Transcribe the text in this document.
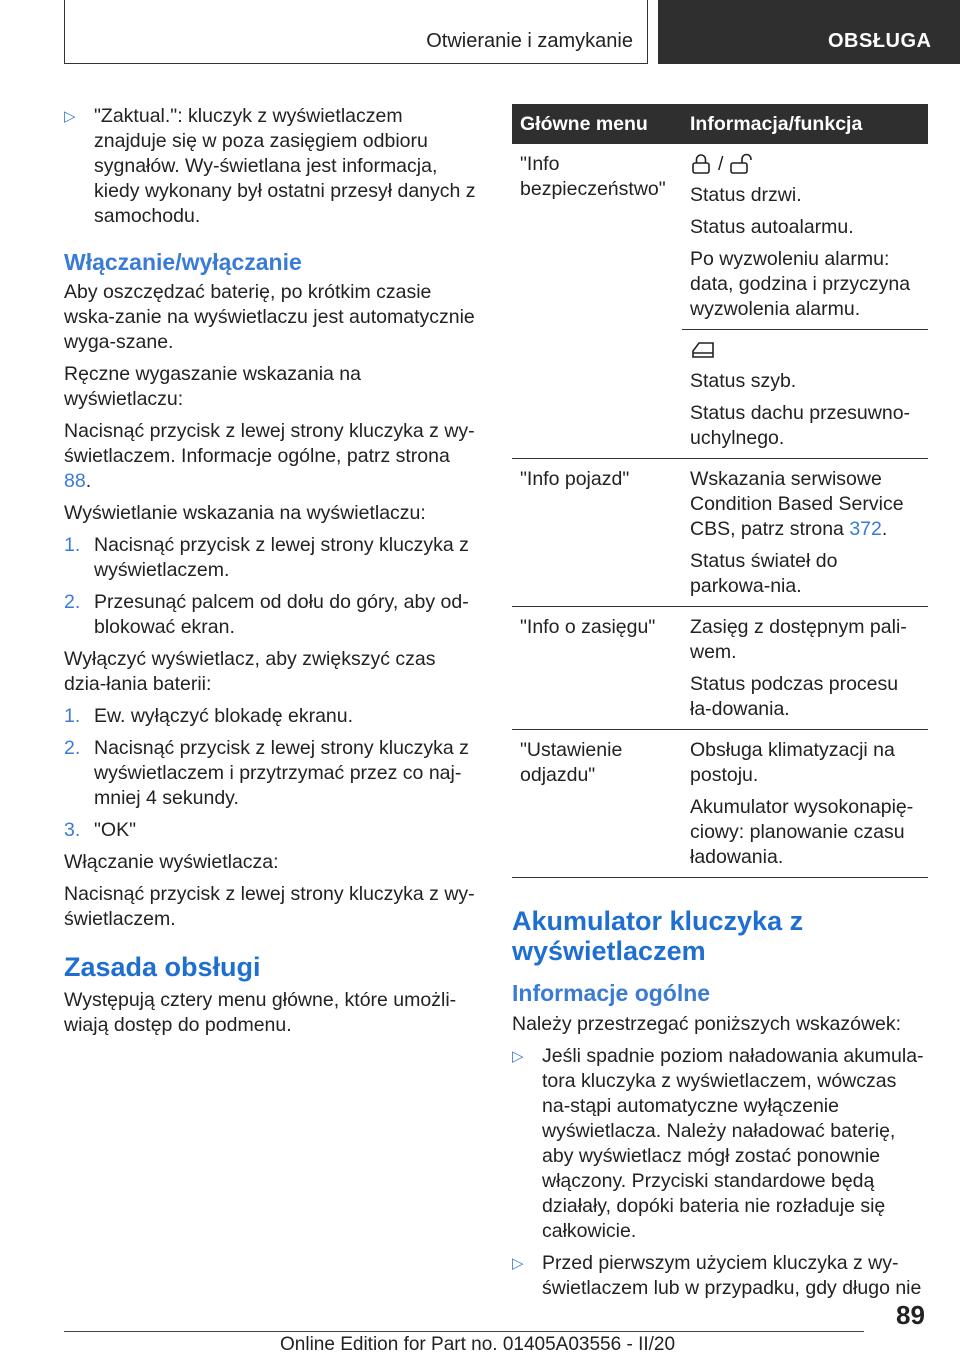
Otwieranie i zamykanie	OBSŁUGA
▷ "Zaktual.": kluczyk z wyświetlaczem znajduje się w poza zasięgiem odbioru sygnałów. Wy-świetlana jest informacja, kiedy wykonany był ostatni przesył danych z samochodu.
Włączanie/wyłączanie

Aby oszczędzać baterię, po krótkim czasie wska-zanie na wyświetlaczu jest automatycznie wyga-szane.

Ręczne wygaszanie wskazania na wyświetlaczu:

Nacisnąć przycisk z lewej strony kluczyka z wy-świetlaczem. Informacje ogólne, patrz strona 88.

Wyświetlanie wskazania na wyświetlaczu:

1. Nacisnąć przycisk z lewej strony kluczyka z wyświetlaczem.
2. Przesunąć palcem od dołu do góry, aby od-blokować ekran.

Wyłączyć wyświetlacz, aby zwiększyć czas dzia-łania baterii:

1. Ew. wyłączyć blokadę ekranu.
2. Nacisnąć przycisk z lewej strony kluczyka z wyświetlaczem i przytrzymać przez co naj-mniej 4 sekundy.
3. "OK"

Włączanie wyświetlacza:

Nacisnąć przycisk z lewej strony kluczyka z wy-świetlaczem.

Zasada obsługi

Występują cztery menu główne, które umożli-wiają dostęp do podmenu.

Główne menu	Informacja/funkcja
"Info bezpieczeństwo"	/

Status drzwi.

Status autoalarmu.

Po wyzwoleniu alarmu: data, godzina i przyczyna wyzwolenia alarmu.

	Status szyb.

Status dachu przesuwno-uchylnego.

"Info pojazd"	Wskazania serwisowe Condition Based Service CBS, patrz strona 372.

Status świateł do parkowa-nia.

"Info o zasięgu"	Zasięg z dostępnym pali-wem.

Status podczas procesu ła-dowania.

"Ustawienie odjazdu"	Obsługa klimatyzacji na postoju.

Akumulator wysokonapię-ciowy: planowanie czasu ładowania.

Akumulator kluczyka z wyświetlaczem
Informacje ogólne

Należy przestrzegać poniższych wskazówek:

▷ Jeśli spadnie poziom naładowania akumula-tora kluczyka z wyświetlaczem, wówczas na-stąpi automatyczne wyłączenie wyświetlacza. Należy naładować baterię, aby wyświetlacz mógł zostać ponownie włączony. Przyciski standardowe będą działały, dopóki bateria nie rozładuje się całkowicie.
▷ Przed pierwszym użyciem kluczyka z wy-świetlaczem lub w przypadku, gdy długo nie
89
Online Edition for Part no. 01405A03556 - II/20
